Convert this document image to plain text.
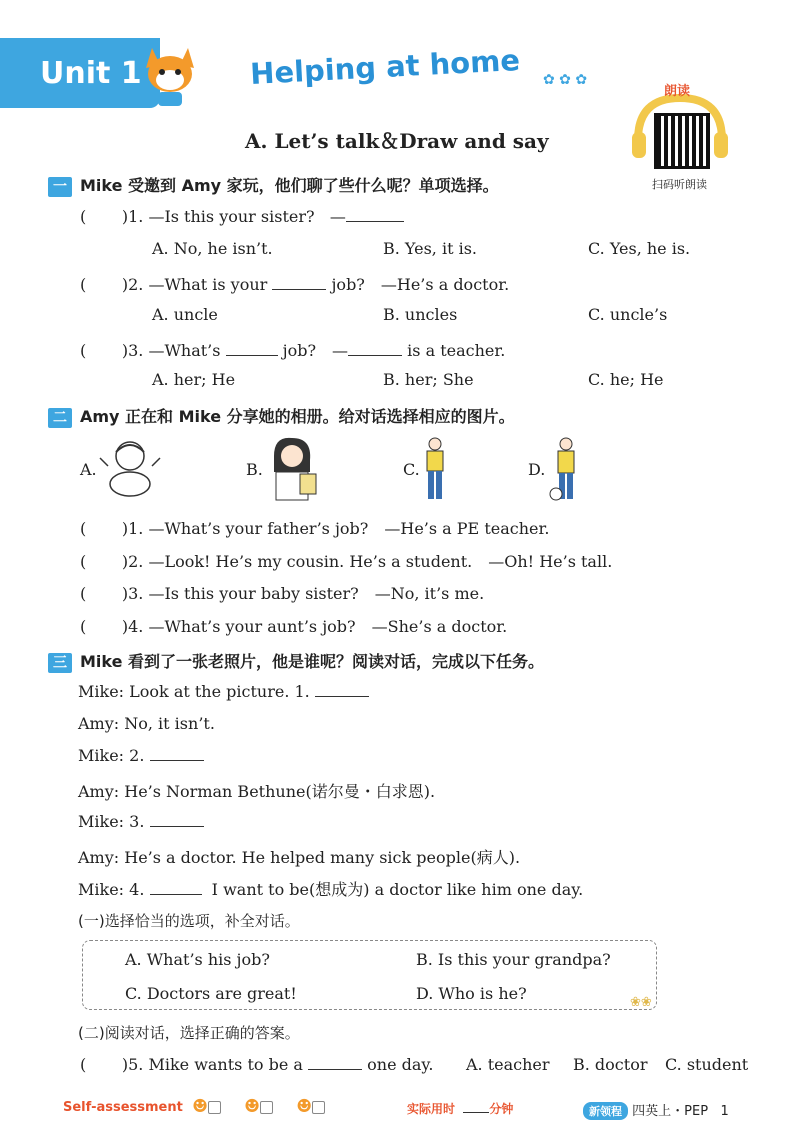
Unit 1	Helping at home ✿ ✿ ✿
朗读
扫码听朗读
A. Let’s talk＆Draw and say
一 Mike 受邀到 Amy 家玩，他们聊了些什么呢？单项选择。
(       )1. —Is this your sister? —
A. No, he isn’t.	B. Yes, it is.	C. Yes, he is.
(       )2. —What is your	job?　—He’s a doctor.
A. uncle	B. uncles	C. uncle’s
(       )3. —What’s	job?　—	is a teacher.
A. her; He	B. her; She	C. he; He
二 Amy 正在和 Mike 分享她的相册。给对话选择相应的图片。
A.	B.	C.	D.
(       )1. —What’s your father’s job?　—He’s a PE teacher.
(       )2. —Look! He’s my cousin. He’s a student.　—Oh! He’s tall.
(       )3. —Is this your baby sister?　—No, it’s me.
(       )4. —What’s your aunt’s job?　—She’s a doctor.
三 Mike 看到了一张老照片，他是谁呢？阅读对话，完成以下任务。
Mike: Look at the picture. 1.
Amy: No, it isn’t.
Mike: 2.
Amy: He’s Norman Bethune(诺尔曼・白求恩).
Mike: 3.
Amy: He’s a doctor. He helped many sick people(病人).
Mike: 4.	I want to be(想成为) a doctor like him one day.
(一)选择恰当的选项，补全对话。
A. What’s his job?	B. Is this your grandpa?
C. Doctors are great!	D. Who is he?	❀❀
(二)阅读对话，选择正确的答案。
(       )5. Mike wants to be a	one day. A. teacher B. doctor C. student
Self-assessment ☻ ☻ ☻	实际用时	分钟	新领程 四英上・PEP 1
